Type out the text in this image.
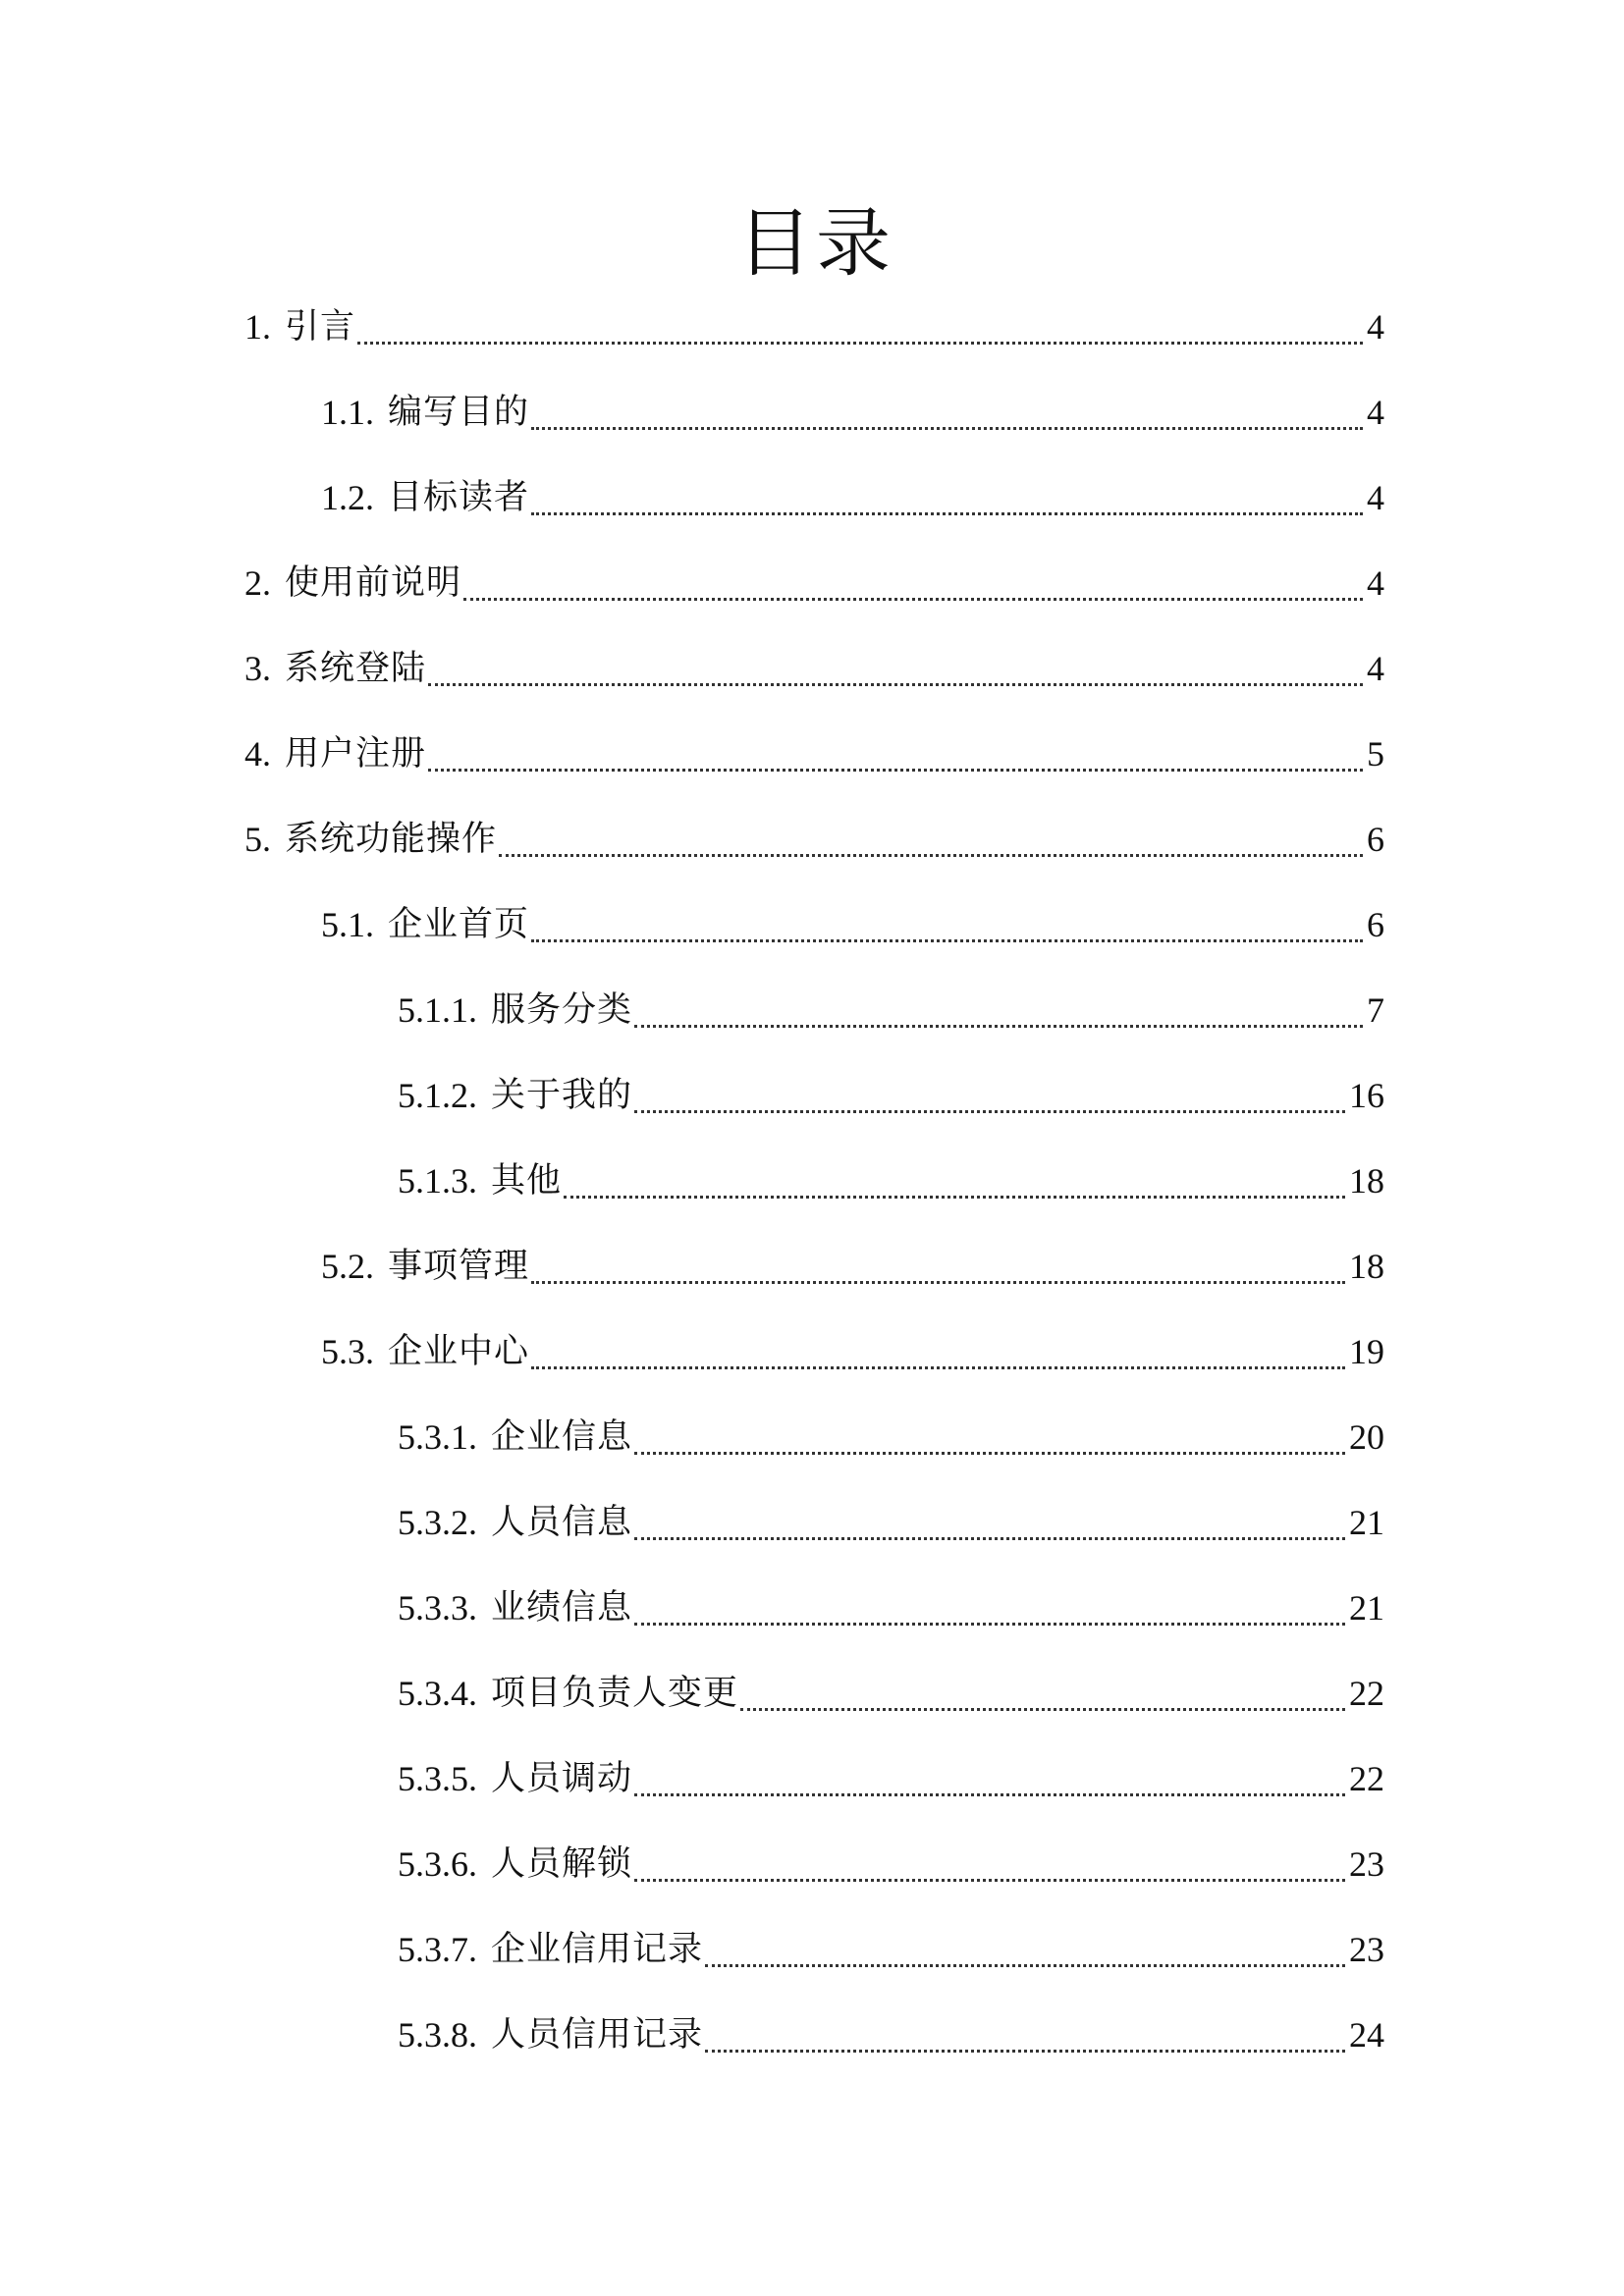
目录
1. 引言	4
1.1. 编写目的	4
1.2. 目标读者	4
2. 使用前说明	4
3. 系统登陆	4
4. 用户注册	5
5. 系统功能操作	6
5.1. 企业首页	6
5.1.1. 服务分类	7
5.1.2. 关于我的	16
5.1.3. 其他	18
5.2. 事项管理	18
5.3. 企业中心	19
5.3.1. 企业信息	20
5.3.2. 人员信息	21
5.3.3. 业绩信息	21
5.3.4. 项目负责人变更	22
5.3.5. 人员调动	22
5.3.6. 人员解锁	23
5.3.7. 企业信用记录	23
5.3.8. 人员信用记录	24
